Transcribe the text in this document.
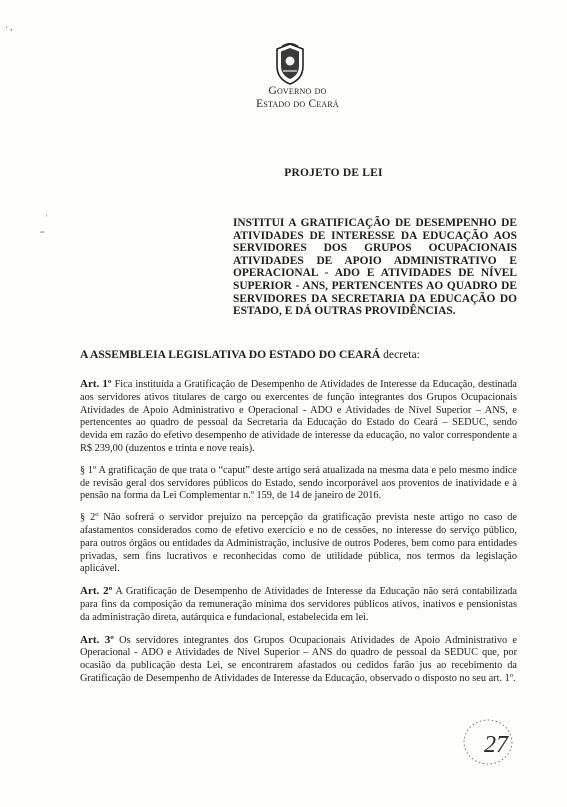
· ,
'
=
Governo do
Estado do Ceará
PROJETO DE LEI
INSTITUI A GRATIFICAÇÃO DE DESEMPENHO DE ATIVIDADES DE INTERESSE DA EDUCAÇÃO AOS SERVIDORES DOS GRUPOS OCUPACIONAIS ATIVIDADES DE APOIO ADMINISTRATIVO E OPERACIONAL - ADO E ATIVIDADES DE NÍVEL SUPERIOR - ANS, PERTENCENTES AO QUADRO DE SERVIDORES DA SECRETARIA DA EDUCAÇÃO DO ESTADO, E DÁ OUTRAS PROVIDÊNCIAS.
A ASSEMBLEIA LEGISLATIVA DO ESTADO DO CEARÁ decreta:

Art. 1º Fica instituída a Gratificação de Desempenho de Atividades de Interesse da Educação, destinada aos servidores ativos titulares de cargo ou exercentes de função integrantes dos Grupos Ocupacionais Atividades de Apoio Administrativo e Operacional - ADO e Atividades de Nível Superior – ANS, e pertencentes ao quadro de pessoal da Secretaria da Educação do Estado do Ceará – SEDUC, sendo devida em razão do efetivo desempenho de atividade de interesse da educação, no valor correspondente a R$ 239,00 (duzentos e trinta e nove reais).

§ 1º A gratificação de que trata o “caput” deste artigo será atualizada na mesma data e pelo mesmo índice de revisão geral dos servidores públicos do Estado, sendo incorporável aos proventos de inatividade e à pensão na forma da Lei Complementar n.º 159, de 14 de janeiro de 2016.

§ 2º Não sofrerá o servidor prejuízo na percepção da gratificação prevista neste artigo no caso de afastamentos considerados como de efetivo exercício e no de cessões, no interesse do serviço público, para outros órgãos ou entidades da Administração, inclusive de outros Poderes, bem como para entidades privadas, sem fins lucrativos e reconhecidas como de utilidade pública, nos termos da legislação aplicável.

Art. 2º A Gratificação de Desempenho de Atividades de Interesse da Educação não será contabilizada para fins da composição da remuneração mínima dos servidores públicos ativos, inativos e pensionistas da administração direta, autárquica e fundacional, estabelecida em lei.

Art. 3º Os servidores integrantes dos Grupos Ocupacionais Atividades de Apoio Administrativo e Operacional - ADO e Atividades de Nível Superior – ANS do quadro de pessoal da SEDUC que, por ocasião da publicação desta Lei, se encontrarem afastados ou cedidos farão jus ao recebimento da Gratificação de Desempenho de Atividades de Interesse da Educação, observado o disposto no seu art. 1º.

27
